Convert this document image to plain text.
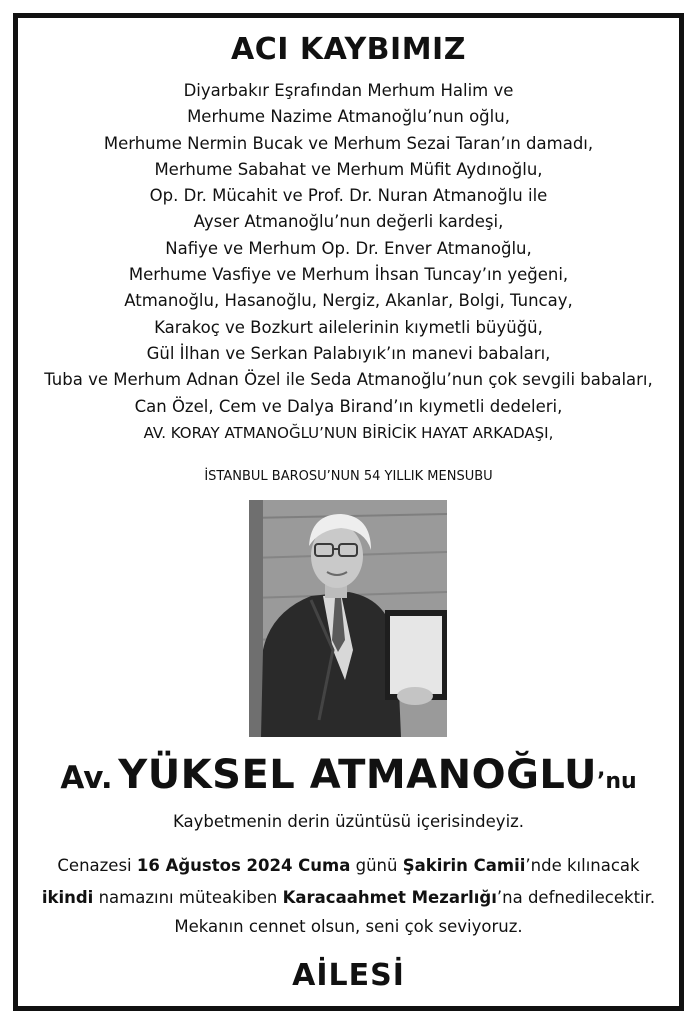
ACI KAYBIMIZ
Diyarbakır Eşrafından Merhum Halim ve
Merhume Nazime Atmanoğlu’nun oğlu,
Merhume Nermin Bucak ve Merhum Sezai Taran’ın damadı,
Merhume Sabahat ve Merhum Müfit Aydınoğlu,
Op. Dr. Mücahit ve Prof. Dr. Nuran Atmanoğlu ile
Ayser Atmanoğlu’nun değerli kardeşi,
Nafiye ve Merhum Op. Dr. Enver Atmanoğlu,
Merhume Vasfiye ve Merhum İhsan Tuncay’ın yeğeni,
Atmanoğlu, Hasanoğlu, Nergiz, Akanlar, Bolgi, Tuncay,
Karakoç ve Bozkurt ailelerinin kıymetli büyüğü,
Gül İlhan ve Serkan Palabıyık’ın manevi babaları,
Tuba ve Merhum Adnan Özel ile Seda Atmanoğlu’nun çok sevgili babaları,
Can Özel, Cem ve Dalya Birand’ın kıymetli dedeleri,
AV. KORAY ATMANOĞLU’NUN BİRİCİK HAYAT ARKADAŞI,
İSTANBUL BAROSU’NUN 54 YILLIK MENSUBU
Av. YÜKSEL ATMANOĞLU’nu
Kaybetmenin derin üzüntüsü içerisindeyiz.
Cenazesi 16 Ağustos 2024 Cuma günü Şakirin Camii’nde kılınacak
ikindi namazını müteakiben Karacaahmet Mezarlığı’na defnedilecektir.
Mekanın cennet olsun, seni çok seviyoruz.
AİLESİ
